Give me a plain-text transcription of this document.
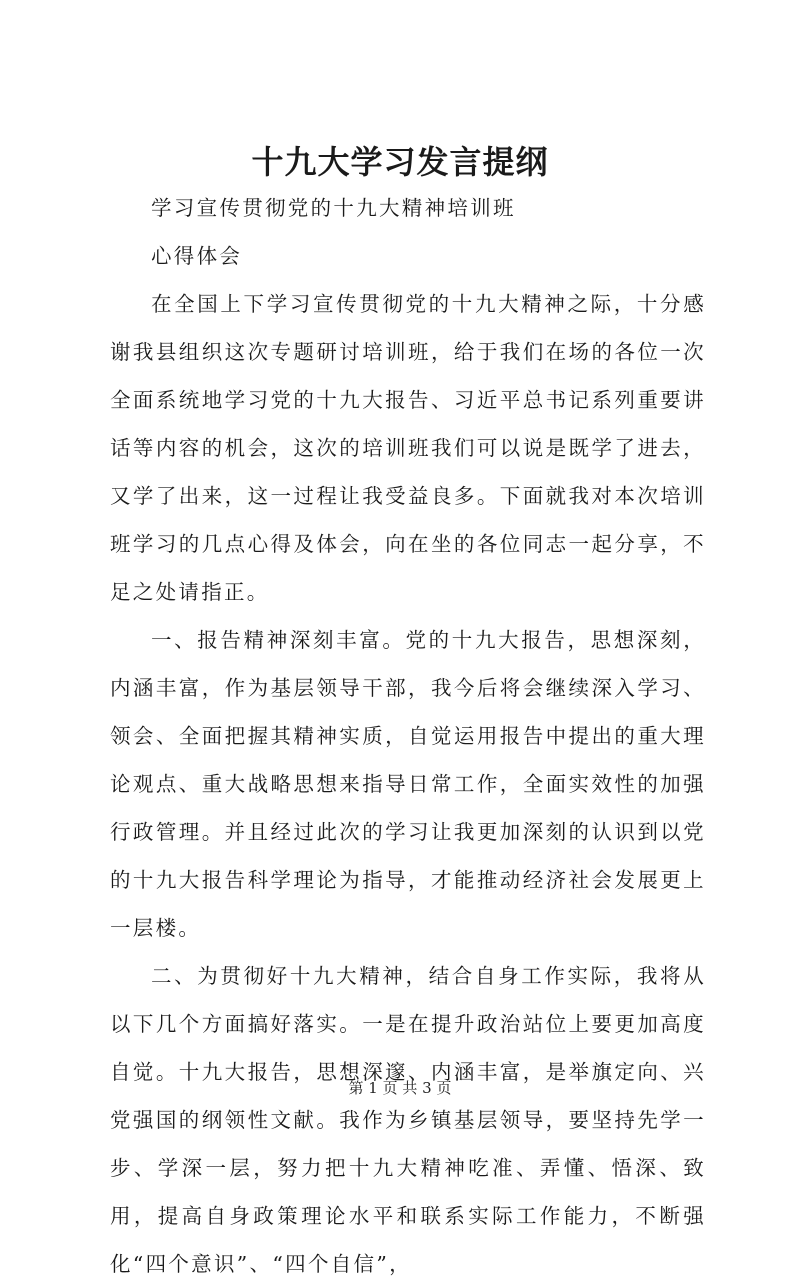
十九大学习发言提纲

学习宣传贯彻党的十九大精神培训班

心得体会

在全国上下学习宣传贯彻党的十九大精神之际，十分感谢我县组织这次专题研讨培训班，给于我们在场的各位一次全面系统地学习党的十九大报告、习近平总书记系列重要讲话等内容的机会，这次的培训班我们可以说是既学了进去，又学了出来，这一过程让我受益良多。下面就我对本次培训班学习的几点心得及体会，向在坐的各位同志一起分享，不足之处请指正。

一、报告精神深刻丰富。党的十九大报告，思想深刻，内涵丰富，作为基层领导干部，我今后将会继续深入学习、领会、全面把握其精神实质，自觉运用报告中提出的重大理论观点、重大战略思想来指导日常工作，全面实效性的加强行政管理。并且经过此次的学习让我更加深刻的认识到以党的十九大报告科学理论为指导，才能推动经济社会发展更上一层楼。

二、为贯彻好十九大精神，结合自身工作实际，我将从以下几个方面搞好落实。一是在提升政治站位上要更加高度自觉。十九大报告，思想深邃、内涵丰富，是举旗定向、兴党强国的纲领性文献。我作为乡镇基层领导，要坚持先学一步、学深一层，努力把十九大精神吃准、弄懂、悟深、致用，提高自身政策理论水平和联系实际工作能力，不断强化“四个意识”、“四个自信”，

第 1 页 共 3 页
